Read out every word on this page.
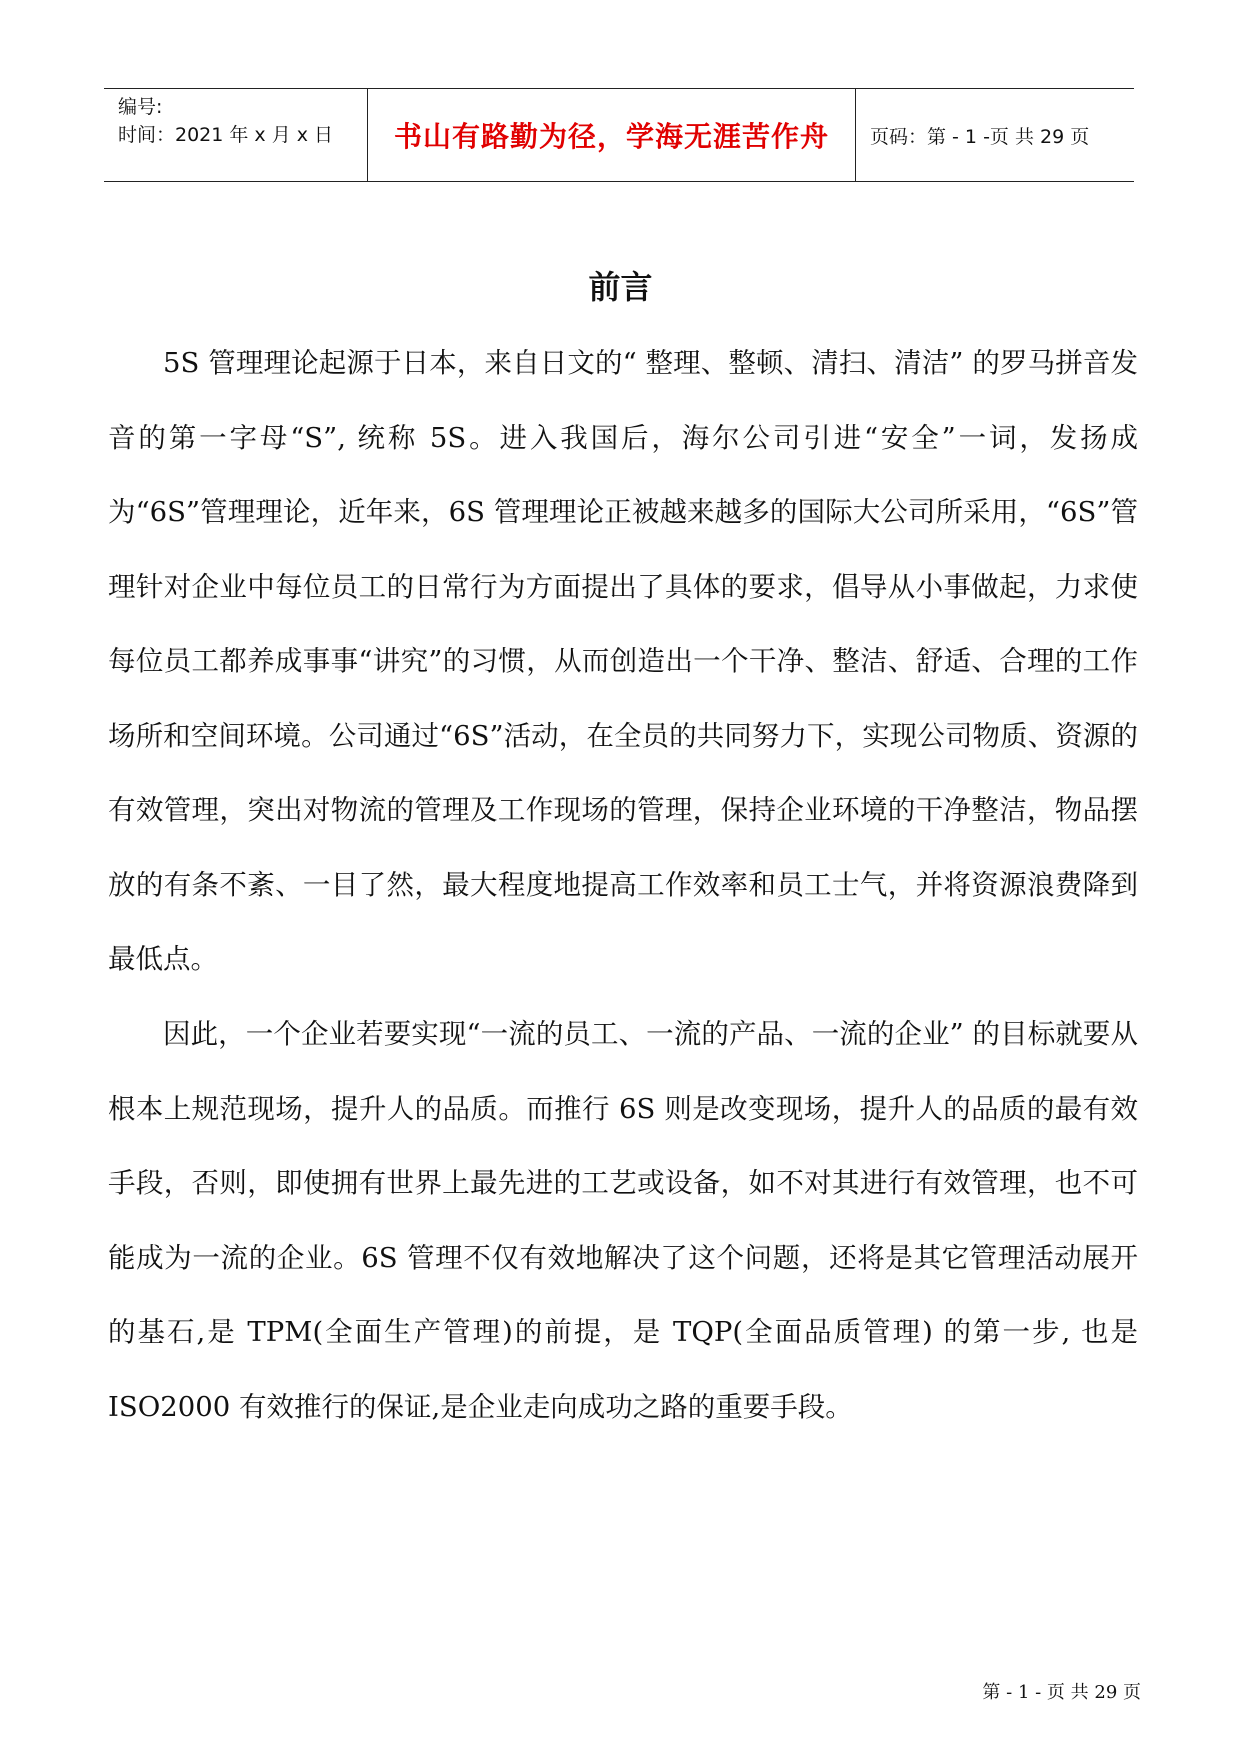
编号:
时间：2021 年 x 月 x 日	书山有路勤为径，学海无涯苦作舟 页码：第 - 1 -页 共 29 页
前言

5S 管理理论起源于日本，来自日文的“ 整理、整顿、清扫、清洁” 的罗马拼音发音的第一字母“S”, 统称 5S。进入我国后，海尔公司引进“安全”一词，发扬成为“6S”管理理论，近年来，6S 管理理论正被越来越多的国际大公司所采用，“6S”管理针对企业中每位员工的日常行为方面提出了具体的要求，倡导从小事做起，力求使每位员工都养成事事“讲究”的习惯，从而创造出一个干净、整洁、舒适、合理的工作场所和空间环境。公司通过“6S”活动，在全员的共同努力下，实现公司物质、资源的有效管理，突出对物流的管理及工作现场的管理，保持企业环境的干净整洁，物品摆放的有条不紊、一目了然，最大程度地提高工作效率和员工士气，并将资源浪费降到最低点。

因此，一个企业若要实现“一流的员工、一流的产品、一流的企业” 的目标就要从根本上规范现场，提升人的品质。而推行 6S 则是改变现场，提升人的品质的最有效手段，否则，即使拥有世界上最先进的工艺或设备，如不对其进行有效管理，也不可能成为一流的企业。6S 管理不仅有效地解决了这个问题，还将是其它管理活动展开的基石,是 TPM(全面生产管理)的前提，是 TQP(全面品质管理) 的第一步, 也是 ISO2000 有效推行的保证,是企业走向成功之路的重要手段。

第 - 1 - 页 共 29 页
